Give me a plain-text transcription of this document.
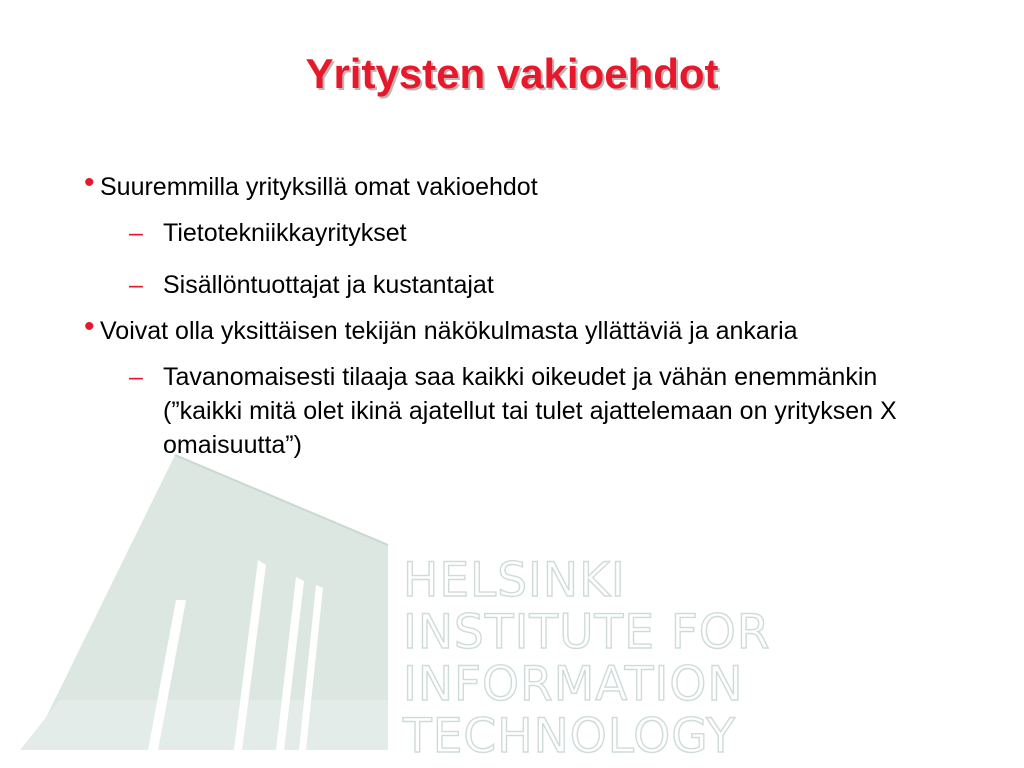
HELSINKI
INSTITUTE FOR
INFORMATION
TECHNOLOGY
Yritysten vakioehdot
• Suuremmilla yrityksillä omat vakioehdot
– Tietotekniikkayritykset
– Sisällöntuottajat ja kustantajat
• Voivat olla yksittäisen tekijän näkökulmasta yllättäviä ja ankaria
– Tavanomaisesti tilaaja saa kaikki oikeudet ja vähän enemmänkin (”kaikki mitä olet ikinä ajatellut tai tulet ajattelemaan on yrityksen X omaisuutta”)
